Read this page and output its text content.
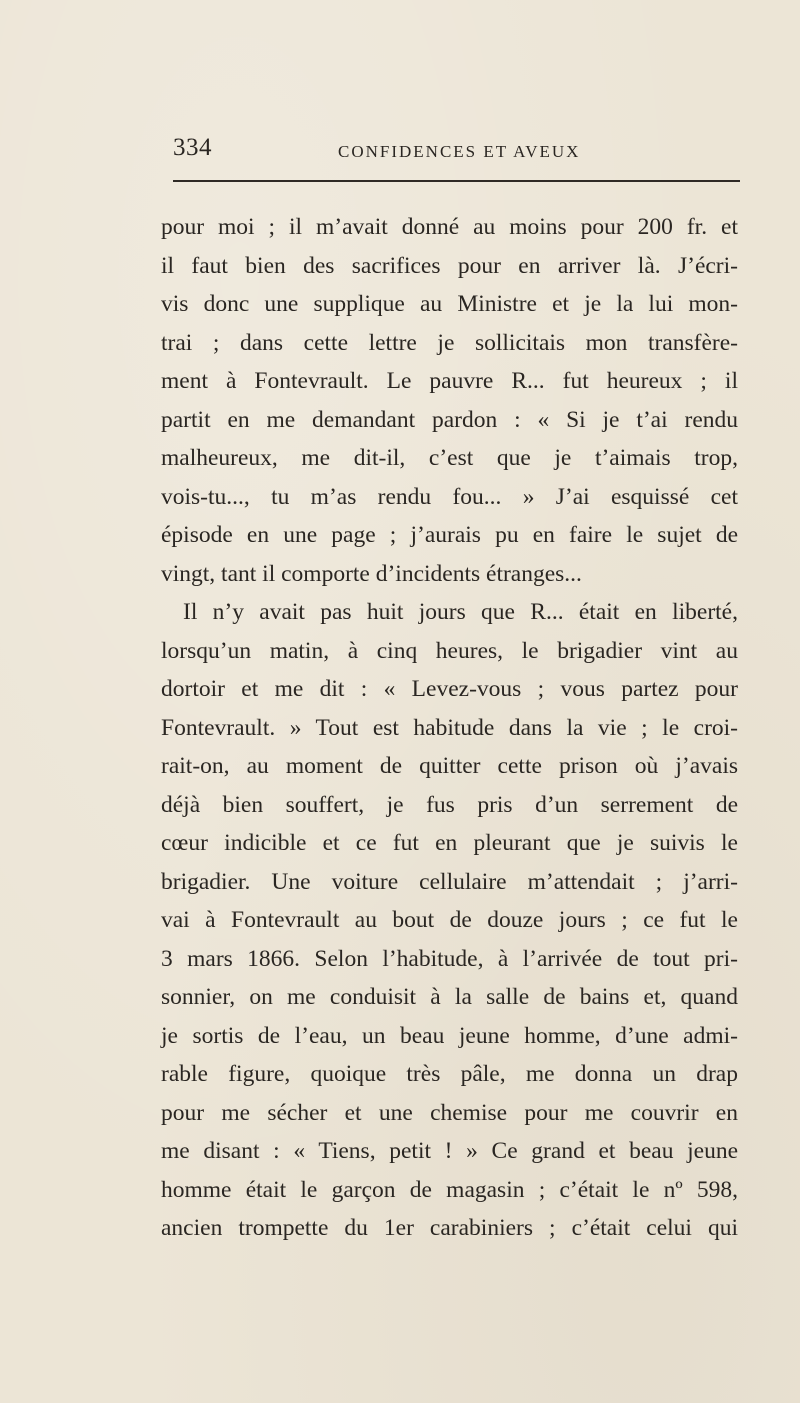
334	CONFIDENCES ET AVEUX
pour moi ; il m’avait donné au moins pour 200 fr. et
il faut bien des sacrifices pour en arriver là. J’écri-
vis donc une supplique au Ministre et je la lui mon-
trai ; dans cette lettre je sollicitais mon transfère-
ment à Fontevrault. Le pauvre R... fut heureux ; il
partit en me demandant pardon : « Si je t’ai rendu
malheureux, me dit-il, c’est que je t’aimais trop,
vois-tu..., tu m’as rendu fou... » J’ai esquissé cet
épisode en une page ; j’aurais pu en faire le sujet de
vingt, tant il comporte d’incidents étranges...
Il n’y avait pas huit jours que R... était en liberté,
lorsqu’un matin, à cinq heures, le brigadier vint au
dortoir et me dit : « Levez-vous ; vous partez pour
Fontevrault. » Tout est habitude dans la vie ; le croi-
rait-on, au moment de quitter cette prison où j’avais
déjà bien souffert, je fus pris d’un serrement de
cœur indicible et ce fut en pleurant que je suivis le
brigadier. Une voiture cellulaire m’attendait ; j’arri-
vai à Fontevrault au bout de douze jours ; ce fut le
3 mars 1866. Selon l’habitude, à l’arrivée de tout pri-
sonnier, on me conduisit à la salle de bains et, quand
je sortis de l’eau, un beau jeune homme, d’une admi-
rable figure, quoique très pâle, me donna un drap
pour me sécher et une chemise pour me couvrir en
me disant : « Tiens, petit ! » Ce grand et beau jeune
homme était le garçon de magasin ; c’était le nº 598,
ancien trompette du 1er carabiniers ; c’était celui qui
